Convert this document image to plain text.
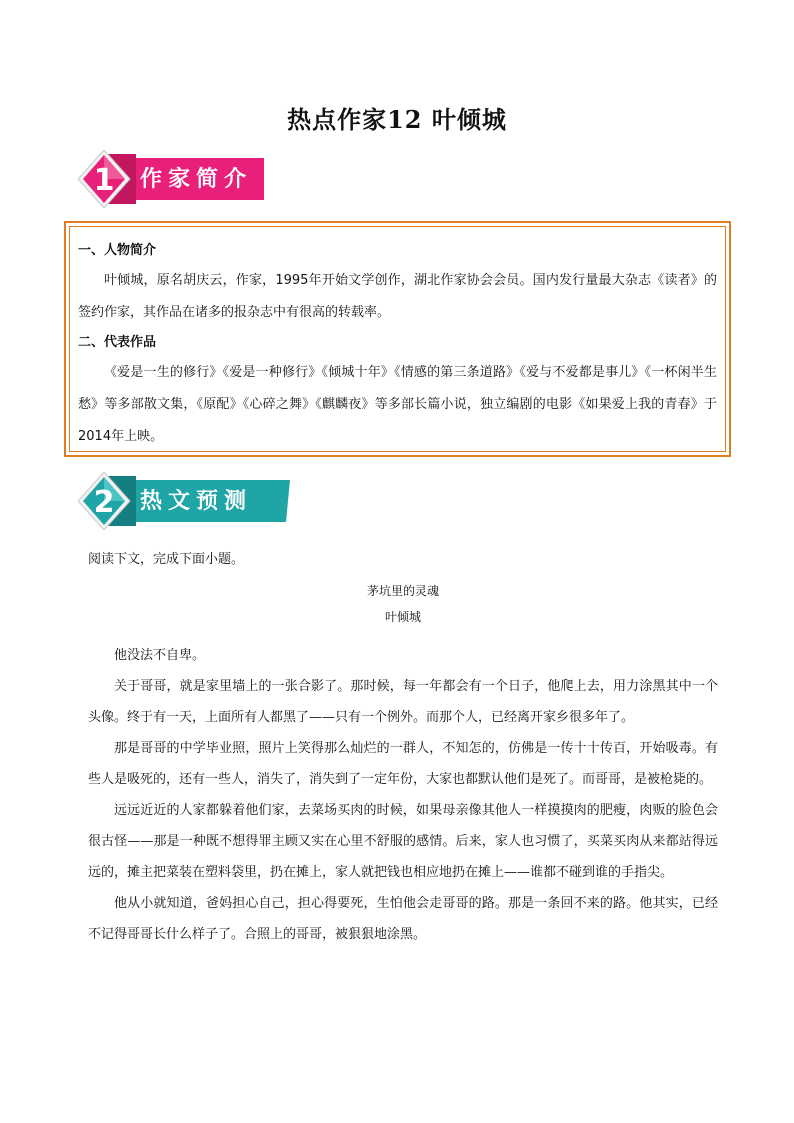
热点作家12 叶倾城
1 作家简介

一、人物简介

叶倾城，原名胡庆云，作家，1995年开始文学创作，湖北作家协会会员。国内发行量最大杂志《读者》的签约作家，其作品在诸多的报杂志中有很高的转载率。

二、代表作品

《爱是一生的修行》《爱是一种修行》《倾城十年》《情感的第三条道路》《爱与不爱都是事儿》《一杯闲半生愁》等多部散文集，《原配》《心碎之舞》《麒麟夜》等多部长篇小说，独立编剧的电影《如果爱上我的青春》于2014年上映。

2 热文预测
阅读下文，完成下面小题。

茅坑里的灵魂

叶倾城

他没法不自卑。

关于哥哥，就是家里墙上的一张合影了。那时候，每一年都会有一个日子，他爬上去，用力涂黑其中一个头像。终于有一天，上面所有人都黑了——只有一个例外。而那个人，已经离开家乡很多年了。

那是哥哥的中学毕业照，照片上笑得那么灿烂的一群人，不知怎的，仿佛是一传十十传百，开始吸毒。有些人是吸死的，还有一些人，消失了，消失到了一定年份，大家也都默认他们是死了。而哥哥，是被枪毙的。

远远近近的人家都躲着他们家，去菜场买肉的时候，如果母亲像其他人一样摸摸肉的肥瘦，肉贩的脸色会很古怪——那是一种既不想得罪主顾又实在心里不舒服的感情。后来，家人也习惯了，买菜买肉从来都站得远远的，摊主把菜装在塑料袋里，扔在摊上，家人就把钱也相应地扔在摊上——谁都不碰到谁的手指尖。

他从小就知道，爸妈担心自己，担心得要死，生怕他会走哥哥的路。那是一条回不来的路。他其实，已经不记得哥哥长什么样子了。合照上的哥哥，被狠狠地涂黑。
